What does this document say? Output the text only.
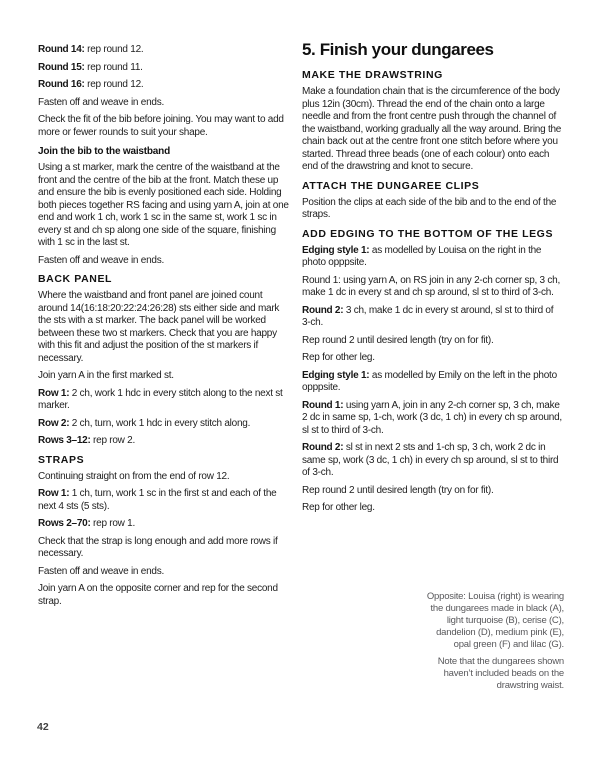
Round 14: rep round 12.

Round 15: rep round 11.

Round 16: rep round 12.

Fasten off and weave in ends.

Check the fit of the bib before joining. You may want to add more or fewer rounds to suit your shape.

Join the bib to the waistband

Using a st marker, mark the centre of the waistband at the front and the centre of the bib at the front. Match these up and ensure the bib is evenly positioned each side. Holding both pieces together RS facing and using yarn A, join at one end and work 1 ch, work 1 sc in the same st, work 1 sc in every st and ch sp along one side of the square, finishing with 1 sc in the last st.

Fasten off and weave in ends.

BACK PANEL

Where the waistband and front panel are joined count around 14(16:18:20:22:24:26:28) sts either side and mark the sts with a st marker. The back panel will be worked between these two st markers. Check that you are happy with this fit and adjust the position of the st markers if necessary.

Join yarn A in the first marked st.

Row 1: 2 ch, work 1 hdc in every stitch along to the next st marker.

Row 2: 2 ch, turn, work 1 hdc in every stitch along.

Rows 3–12: rep row 2.

STRAPS

Continuing straight on from the end of row 12.

Row 1: 1 ch, turn, work 1 sc in the first st and each of the next 4 sts (5 sts).

Rows 2–70: rep row 1.

Check that the strap is long enough and add more rows if necessary.

Fasten off and weave in ends.

Join yarn A on the opposite corner and rep for the second strap.

5. Finish your dungarees
MAKE THE DRAWSTRING

Make a foundation chain that is the circumference of the body plus 12in (30cm). Thread the end of the chain onto a large needle and from the front centre push through the channel of the waistband, working gradually all the way around. Bring the chain back out at the centre front one stitch before where you started. Thread three beads (one of each colour) onto each end of the drawstring and knot to secure.

ATTACH THE DUNGAREE CLIPS

Position the clips at each side of the bib and to the end of the straps.

ADD EDGING TO THE BOTTOM OF THE LEGS

Edging style 1: as modelled by Louisa on the right in the photo opppsite.

Round 1: using yarn A, on RS join in any 2-ch corner sp, 3 ch, make 1 dc in every st and ch sp around, sl st to third of 3-ch.

Round 2: 3 ch, make 1 dc in every st around, sl st to third of 3-ch.

Rep round 2 until desired length (try on for fit).

Rep for other leg.

Edging style 1: as modelled by Emily on the left in the photo opppsite.

Round 1: using yarn A, join in any 2-ch corner sp, 3 ch, make 2 dc in same sp, 1-ch, work (3 dc, 1 ch) in every ch sp around, sl st to third of 3-ch.

Round 2: sl st in next 2 sts and 1-ch sp, 3 ch, work 2 dc in same sp, work (3 dc, 1 ch) in every ch sp around, sl st to third of 3-ch.

Rep round 2 until desired length (try on for fit).

Rep for other leg.

Opposite: Louisa (right) is wearing
the dungarees made in black (A),
light turquoise (B), cerise (C),
dandelion (D), medium pink (E),
opal green (F) and lilac (G).
Note that the dungarees shown
haven’t included beads on the
drawstring waist.
42
